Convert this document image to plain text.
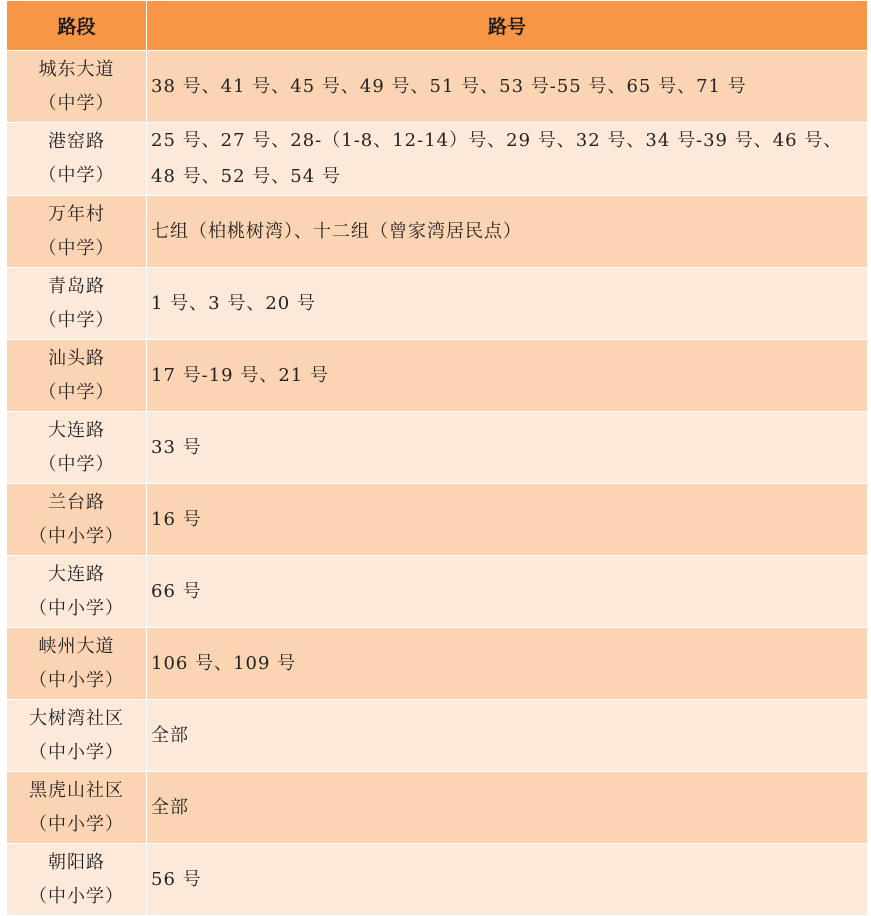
路段	路号

城东大道
（中学）	38 号、41 号、45 号、49 号、51 号、53 号-55 号、65 号、71 号

港窑路
（中学）	25 号、27 号、28-（1-8、12-14）号、29 号、32 号、34 号-39 号、46 号、48 号、52 号、54 号

万年村
（中学）	七组（柏桃树湾）、十二组（曾家湾居民点）

青岛路
（中学）	1 号、3 号、20 号

汕头路
（中学）	17 号-19 号、21 号

大连路
（中学）	33 号

兰台路
（中小学）	16 号

大连路
（中小学）	66 号

峡州大道
（中小学）	106 号、109 号

大树湾社区
（中小学）	全部

黑虎山社区
（中小学）	全部

朝阳路
（中小学）	56 号
